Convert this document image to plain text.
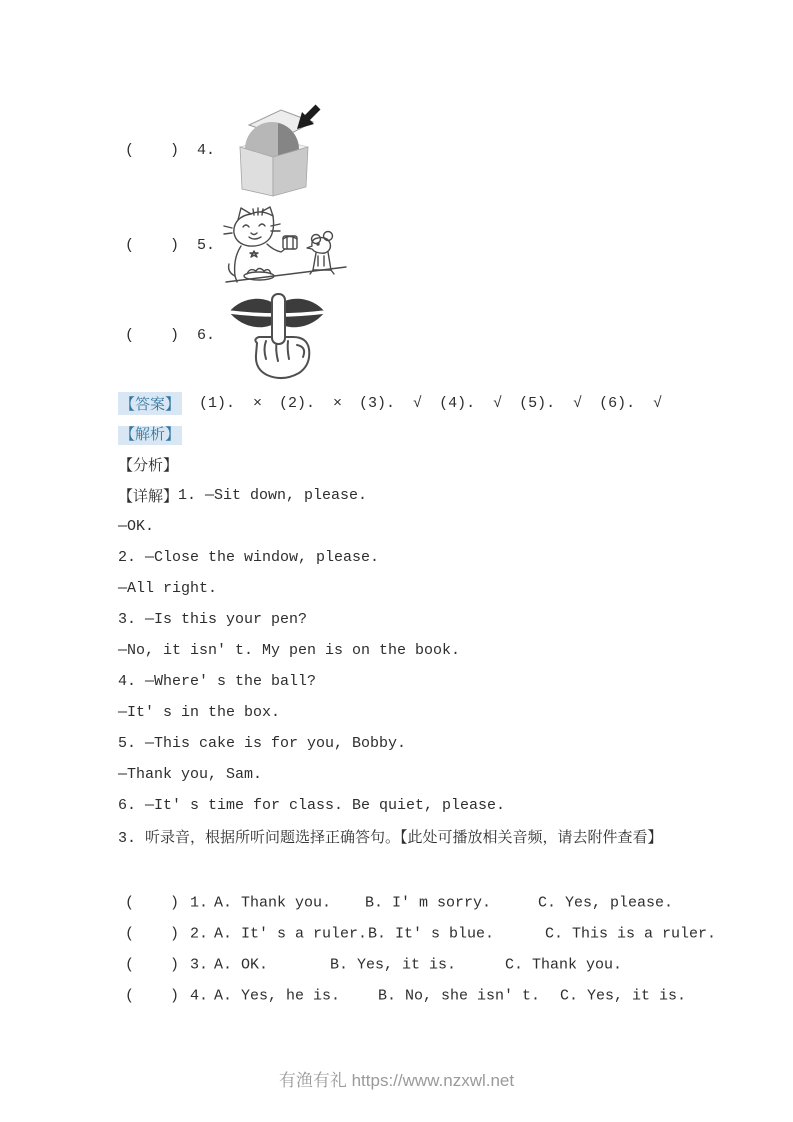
(    )  4.
(    )  5.
(    )  6.
【答案】 (1).  × (2).  × (3).  √ (4).  √ (5).  √ (6).  √
【解析】
【分析】
【详解】 1. —Sit down, please.
—OK.
2. —Close the window, please.
—All right.
3. —Is this your pen?
—No, it isn' t. My pen is on the book.
4. —Where' s the ball?
—It' s in the box.
5. —This cake is for you, Bobby.
—Thank you, Sam.
6. —It' s time for class. Be quiet, please.
3. 听录音，根据所听问题选择正确答句。【此处可播放相关音频，请去附件查看】

(    )

1.

A. Thank you.

B. I' m sorry.

	C. Yes, please.

(    )

2.

A. It' s a ruler.

B. It' s blue.

	C. This is a ruler.

(    )

3.

A. OK.

	B. Yes, it is.

	C. Thank you.

(    )

4.

A. Yes, he is.

	B. No, she isn' t.

C. Yes, it is.

有渔有礼 https://www.nzxwl.net
